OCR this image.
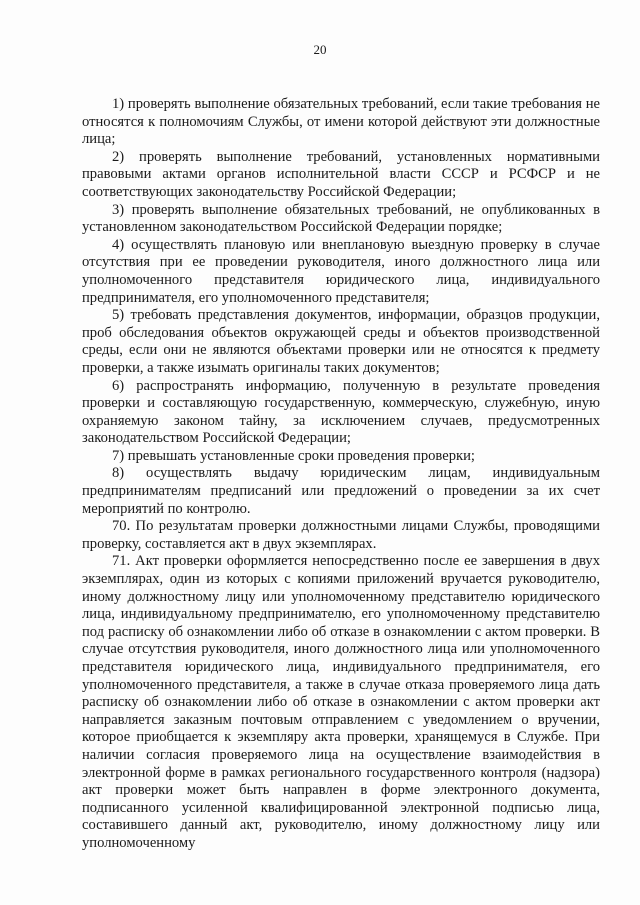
20

1) проверять выполнение обязательных требований, если такие требования не относятся к полномочиям Службы, от имени которой действуют эти должностные лица;

2) проверять выполнение требований, установленных нормативными правовыми актами органов исполнительной власти СССР и РСФСР и не соответствующих законодательству Российской Федерации;

3) проверять выполнение обязательных требований, не опубликованных в установленном законодательством Российской Федерации порядке;

4) осуществлять плановую или внеплановую выездную проверку в случае отсутствия при ее проведении руководителя, иного должностного лица или уполномоченного представителя юридического лица, индивидуального предпринимателя, его уполномоченного представителя;

5) требовать представления документов, информации, образцов продукции, проб обследования объектов окружающей среды и объектов производственной среды, если они не являются объектами проверки или не относятся к предмету проверки, а также изымать оригиналы таких документов;

6) распространять информацию, полученную в результате проведения проверки и составляющую государственную, коммерческую, служебную, иную охраняемую законом тайну, за исключением случаев, предусмотренных законодательством Российской Федерации;

7) превышать установленные сроки проведения проверки;

8) осуществлять выдачу юридическим лицам, индивидуальным предпринимателям предписаний или предложений о проведении за их счет мероприятий по контролю.

70. По результатам проверки должностными лицами Службы, проводящими проверку, составляется акт в двух экземплярах.

71. Акт проверки оформляется непосредственно после ее завершения в двух экземплярах, один из которых с копиями приложений вручается руководителю, иному должностному лицу или уполномоченному представителю юридического лица, индивидуальному предпринимателю, его уполномоченному представителю под расписку об ознакомлении либо об отказе в ознакомлении с актом проверки. В случае отсутствия руководителя, иного должностного лица или уполномоченного представителя юридического лица, индивидуального предпринимателя, его уполномоченного представителя, а также в случае отказа проверяемого лица дать расписку об ознакомлении либо об отказе в ознакомлении с актом проверки акт направляется заказным почтовым отправлением с уведомлением о вручении, которое приобщается к экземпляру акта проверки, хранящемуся в Службе. При наличии согласия проверяемого лица на осуществление взаимодействия в электронной форме в рамках регионального государственного контроля (надзора) акт проверки может быть направлен в форме электронного документа, подписанного усиленной квалифицированной электронной подписью лица, составившего данный акт, руководителю, иному должностному лицу или уполномоченному
